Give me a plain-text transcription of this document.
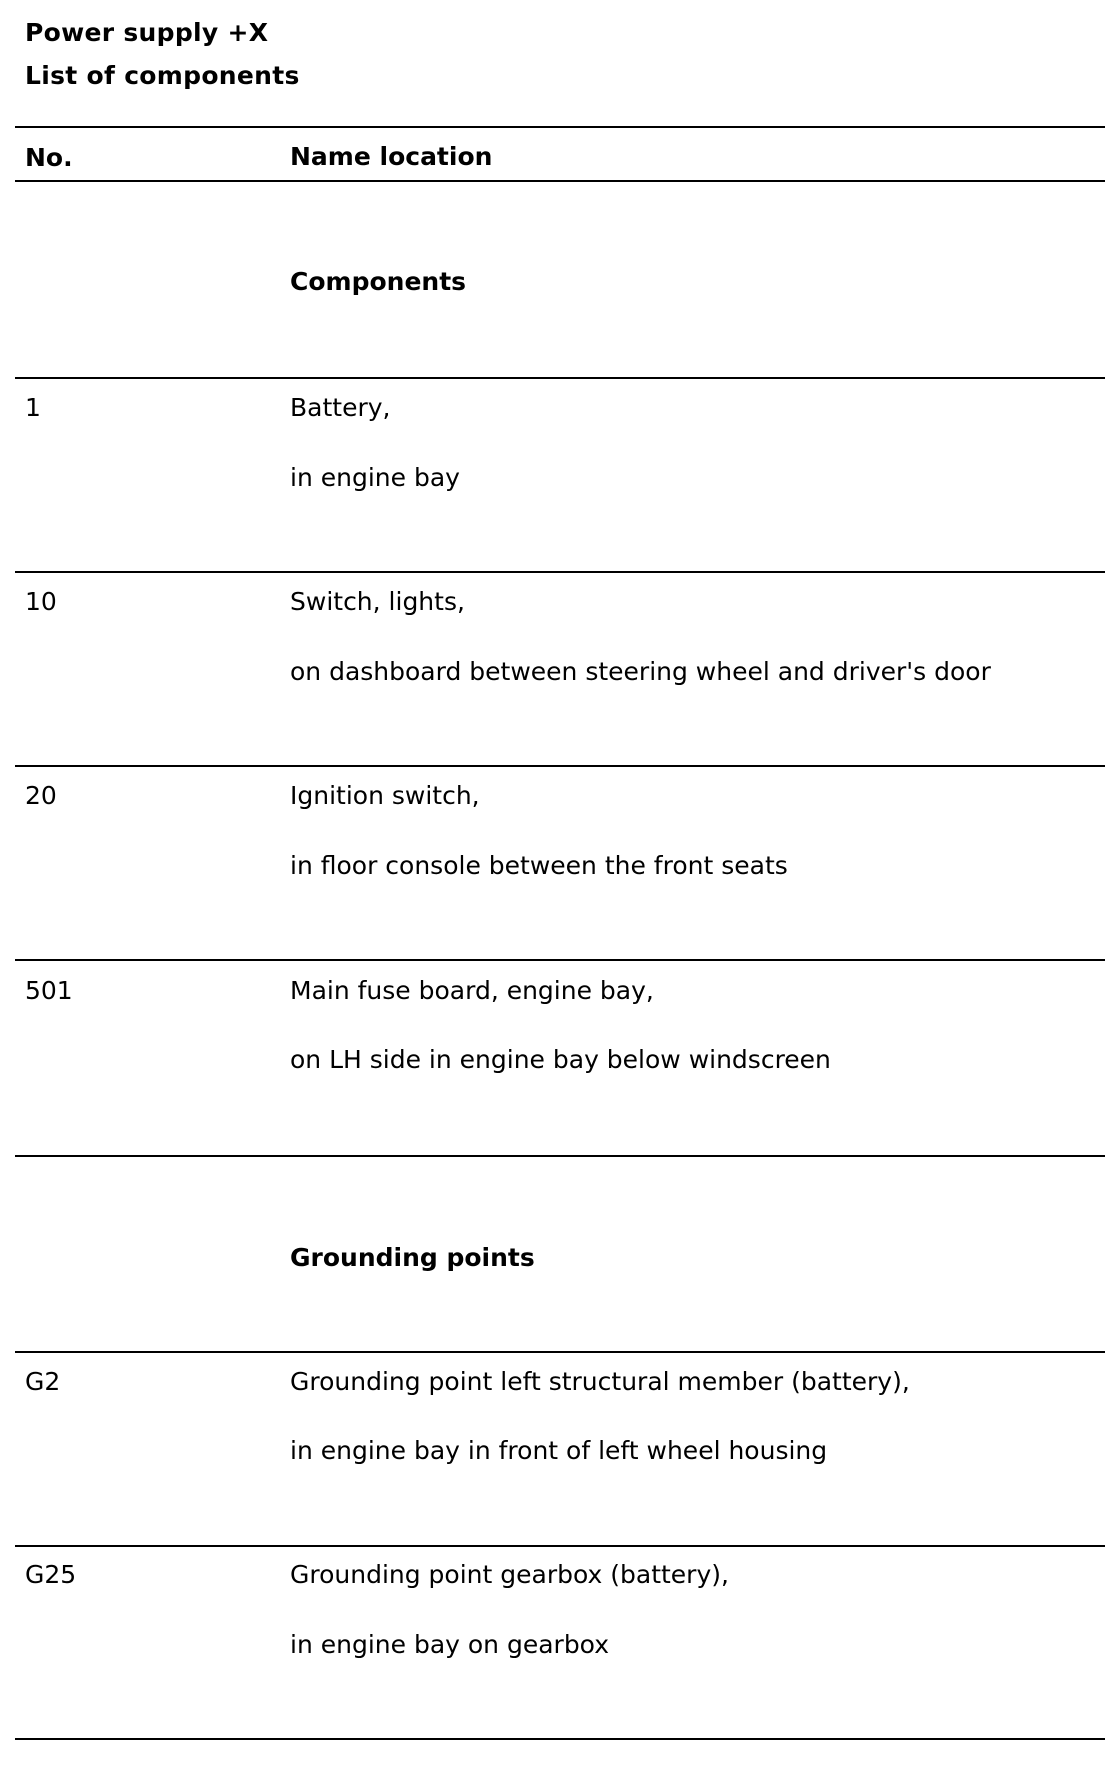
Power supply +X
List of components
No.	Name location
Components
1	Battery,
in engine bay
10	Switch, lights,
on dashboard between steering wheel and driver's door
20	Ignition switch,
in floor console between the front seats
501	Main fuse board, engine bay,
on LH side in engine bay below windscreen
Grounding points
G2	Grounding point left structural member (battery),
in engine bay in front of left wheel housing
G25	Grounding point gearbox (battery),
in engine bay on gearbox
